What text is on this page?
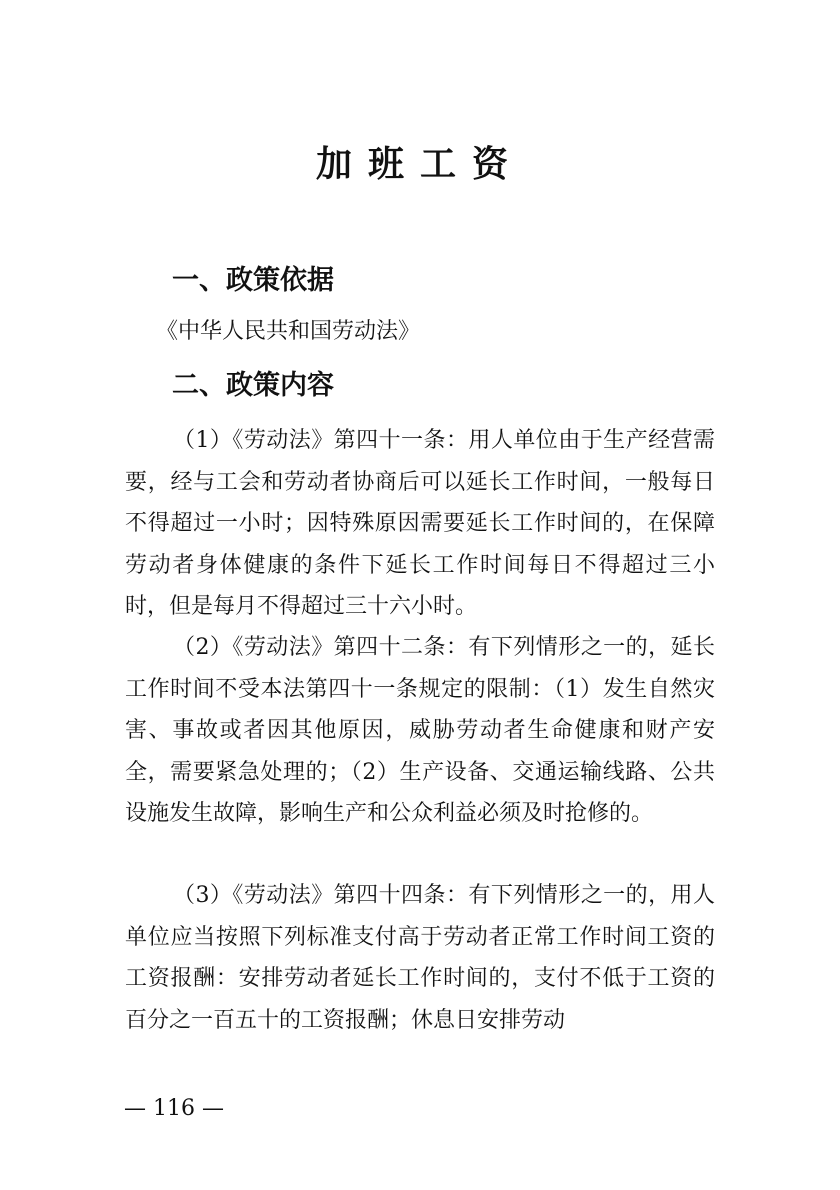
加班工资
一、政策依据
《中华人民共和国劳动法》
二、政策内容

（1）《劳动法》第四十一条：用人单位由于生产经营需要，经与工会和劳动者协商后可以延长工作时间，一般每日不得超过一小时；因特殊原因需要延长工作时间的，在保障劳动者身体健康的条件下延长工作时间每日不得超过三小时，但是每月不得超过三十六小时。

（2）《劳动法》第四十二条：有下列情形之一的，延长工作时间不受本法第四十一条规定的限制：（1）发生自然灾害、事故或者因其他原因，威胁劳动者生命健康和财产安全，需要紧急处理的；（2）生产设备、交通运输线路、公共设施发生故障，影响生产和公众利益必须及时抢修的。

（3）《劳动法》第四十四条：有下列情形之一的，用人单位应当按照下列标准支付高于劳动者正常工作时间工资的工资报酬：安排劳动者延长工作时间的，支付不低于工资的百分之一百五十的工资报酬；休息日安排劳动

— 116 —
